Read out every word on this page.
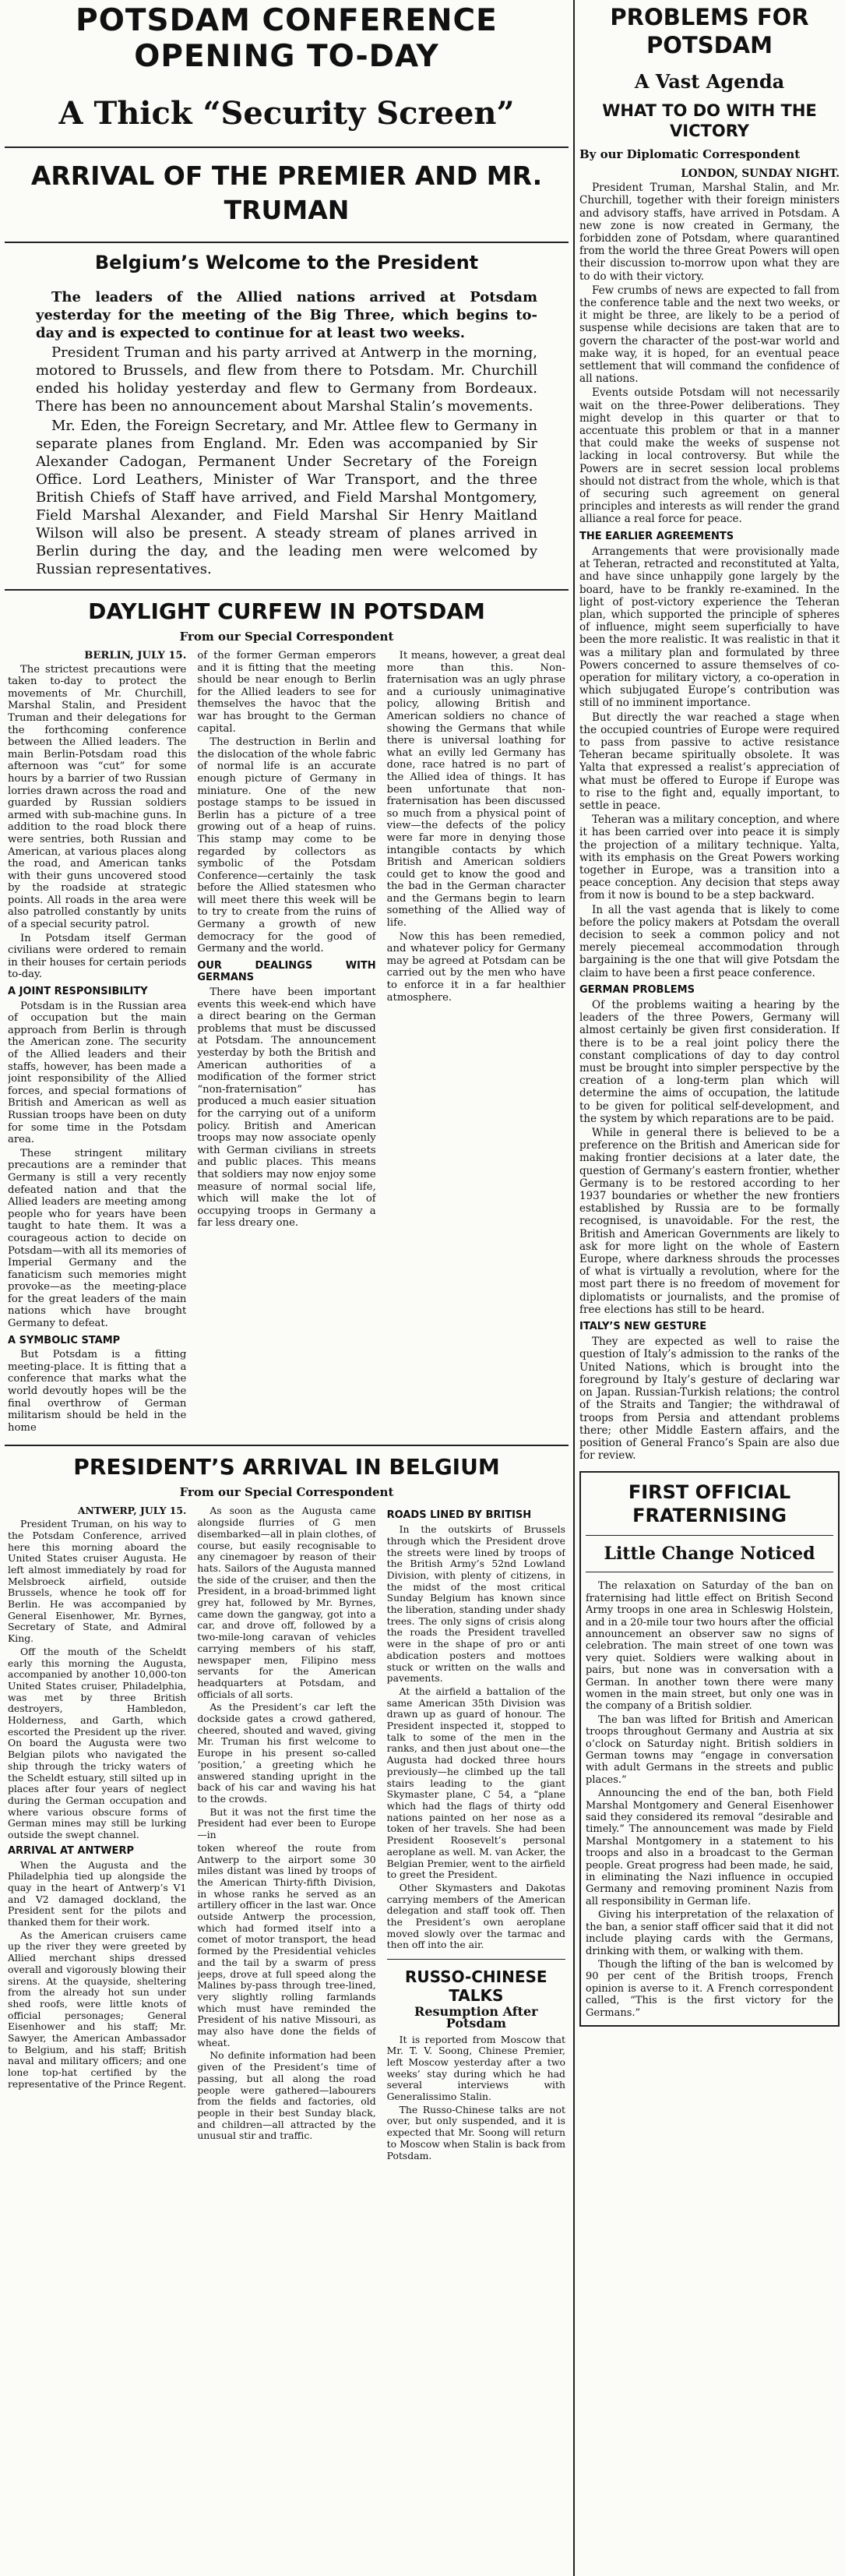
POTSDAM CONFERENCE OPENING TO-DAY
A Thick “Security Screen”
ARRIVAL OF THE PREMIER AND MR. TRUMAN
Belgium’s Welcome to the President

The leaders of the Allied nations arrived at Potsdam yesterday for the meeting of the Big Three, which begins to-day and is expected to continue for at least two weeks.

President Truman and his party arrived at Antwerp in the morning, motored to Brussels, and flew from there to Potsdam. Mr. Churchill ended his holiday yesterday and flew to Germany from Bordeaux. There has been no announcement about Marshal Stalin’s movements.

Mr. Eden, the Foreign Secretary, and Mr. Attlee flew to Germany in separate planes from England. Mr. Eden was accompanied by Sir Alexander Cadogan, Permanent Under Secretary of the Foreign Office. Lord Leathers, Minister of War Transport, and the three British Chiefs of Staff have arrived, and Field Marshal Montgomery, Field Marshal Alexander, and Field Marshal Sir Henry Maitland Wilson will also be present. A steady stream of planes arrived in Berlin during the day, and the leading men were welcomed by Russian representatives.

DAYLIGHT CURFEW IN POTSDAM
From our Special Correspondent

BERLIN, JULY 15.

The strictest precautions were taken to-day to protect the movements of Mr. Churchill, Marshal Stalin, and President Truman and their delegations for the forthcoming conference between the Allied leaders. The main Berlin-Potsdam road this afternoon was “cut” for some hours by a barrier of two Russian lorries drawn across the road and guarded by Russian soldiers armed with sub-machine guns. In addition to the road block there were sentries, both Russian and American, at various places along the road, and American tanks with their guns uncovered stood by the roadside at strategic points. All roads in the area were also patrolled constantly by units of a special security patrol.

In Potsdam itself German civilians were ordered to remain in their houses for certain periods to-day.

A JOINT RESPONSIBILITY

Potsdam is in the Russian area of occupation but the main approach from Berlin is through the American zone. The security of the Allied leaders and their staffs, however, has been made a joint responsibility of the Allied forces, and special formations of British and American as well as Russian troops have been on duty for some time in the Potsdam area.

These stringent military precautions are a reminder that Germany is still a very recently defeated nation and that the Allied leaders are meeting among people who for years have been taught to hate them. It was a courageous action to decide on Potsdam—with all its memories of Imperial Germany and the fanaticism such memories might provoke—as the meeting-place for the great leaders of the main nations which have brought Germany to defeat.

A SYMBOLIC STAMP

But Potsdam is a fitting meeting-place. It is fitting that a conference that marks what the world devoutly hopes will be the final overthrow of German militarism should be held in the home

of the former German emperors and it is fitting that the meeting should be near enough to Berlin for the Allied leaders to see for themselves the havoc that the war has brought to the German capital.

The destruction in Berlin and the dislocation of the whole fabric of normal life is an accurate enough picture of Germany in miniature. One of the new postage stamps to be issued in Berlin has a picture of a tree growing out of a heap of ruins. This stamp may come to be regarded by collectors as symbolic of the Potsdam Conference—certainly the task before the Allied statesmen who will meet there this week will be to try to create from the ruins of Germany a growth of new democracy for the good of Germany and the world.

OUR DEALINGS WITH GERMANS

There have been important events this week-end which have a direct bearing on the German problems that must be discussed at Potsdam. The announcement yesterday by both the British and American authorities of a modification of the former strict “non-fraternisation” has produced a much easier situation for the carrying out of a uniform policy. British and American troops may now associate openly with German civilians in streets and public places. This means that soldiers may now enjoy some measure of normal social life, which will make the lot of occupying troops in Germany a far less dreary one.

It means, however, a great deal more than this. Non-fraternisation was an ugly phrase and a curiously unimaginative policy, allowing British and American soldiers no chance of showing the Germans that while there is universal loathing for what an evilly led Germany has done, race hatred is no part of the Allied idea of things. It has been unfortunate that non-fraternisation has been discussed so much from a physical point of view—the defects of the policy were far more in denying those intangible contacts by which British and American soldiers could get to know the good and the bad in the German character and the Germans begin to learn something of the Allied way of life.

Now this has been remedied, and whatever policy for Germany may be agreed at Potsdam can be carried out by the men who have to enforce it in a far healthier atmosphere.

PRESIDENT’S ARRIVAL IN BELGIUM
From our Special Correspondent

ANTWERP, JULY 15.

President Truman, on his way to the Potsdam Conference, arrived here this morning aboard the United States cruiser Augusta. He left almost immediately by road for Melsbroeck airfield, outside Brussels, whence he took off for Berlin. He was accompanied by General Eisenhower, Mr. Byrnes, Secretary of State, and Admiral King.

Off the mouth of the Scheldt early this morning the Augusta, accompanied by another 10,000-ton United States cruiser, Philadelphia, was met by three British destroyers, Hambledon, Holderness, and Garth, which escorted the President up the river. On board the Augusta were two Belgian pilots who navigated the ship through the tricky waters of the Scheldt estuary, still silted up in places after four years of neglect during the German occupation and where various obscure forms of German mines may still be lurking outside the swept channel.

ARRIVAL AT ANTWERP

When the Augusta and the Philadelphia tied up alongside the quay in the heart of Antwerp’s V1 and V2 damaged dockland, the President sent for the pilots and thanked them for their work.

As the American cruisers came up the river they were greeted by Allied merchant ships dressed overall and vigorously blowing their sirens. At the quayside, sheltering from the already hot sun under shed roofs, were little knots of official personages; General Eisenhower and his staff; Mr. Sawyer, the American Ambassador to Belgium, and his staff; British naval and military officers; and one lone top-hat certified by the representative of the Prince Regent.

As soon as the Augusta came alongside flurries of G men disembarked—all in plain clothes, of course, but easily recognisable to any cinemagoer by reason of their hats. Sailors of the Augusta manned the side of the cruiser, and then the President, in a broad-brimmed light grey hat, followed by Mr. Byrnes, came down the gangway, got into a car, and drove off, followed by a two-mile-long caravan of vehicles carrying members of his staff, newspaper men, Filipino mess servants for the American headquarters at Potsdam, and officials of all sorts.

As the President’s car left the dockside gates a crowd gathered, cheered, shouted and waved, giving Mr. Truman his first welcome to Europe in his present so-called ‘position,’ a greeting which he answered standing upright in the back of his car and waving his hat to the crowds.

But it was not the first time the President had ever been to Europe—in

token whereof the route from Antwerp to the airport some 30 miles distant was lined by troops of the American Thirty-fifth Division, in whose ranks he served as an artillery officer in the last war. Once outside Antwerp the procession, which had formed itself into a comet of motor transport, the head formed by the Presidential vehicles and the tail by a swarm of press jeeps, drove at full speed along the Malines by-pass through tree-lined, very slightly rolling farmlands which must have reminded the President of his native Missouri, as may also have done the fields of wheat.

No definite information had been given of the President’s time of passing, but all along the road people were gathered—labourers from the fields and factories, old people in their best Sunday black, and children—all attracted by the unusual stir and traffic.

ROADS LINED BY BRITISH

In the outskirts of Brussels through which the President drove the streets were lined by troops of the British Army’s 52nd Lowland Division, with plenty of citizens, in the midst of the most critical Sunday Belgium has known since the liberation, standing under shady trees. The only signs of crisis along the roads the President travelled were in the shape of pro or anti abdication posters and mottoes stuck or written on the walls and pavements.

At the airfield a battalion of the same American 35th Division was drawn up as guard of honour. The President inspected it, stopped to talk to some of the men in the ranks, and then just about one—the Augusta had docked three hours previously—he climbed up the tall stairs leading to the giant Skymaster plane, C 54, a “plane which had the flags of thirty odd nations painted on her nose as a token of her travels. She had been President Roosevelt’s personal aeroplane as well. M. van Acker, the Belgian Premier, went to the airfield to greet the President.

Other Skymasters and Dakotas carrying members of the American delegation and staff took off. Then the President’s own aeroplane moved slowly over the tarmac and then off into the air.

RUSSO-CHINESE TALKS
Resumption After Potsdam

It is reported from Moscow that Mr. T. V. Soong, Chinese Premier, left Moscow yesterday after a two weeks’ stay during which he had several interviews with Generalissimo Stalin.

The Russo-Chinese talks are not over, but only suspended, and it is expected that Mr. Soong will return to Moscow when Stalin is back from Potsdam.

PROBLEMS FOR POTSDAM
A Vast Agenda
WHAT TO DO WITH THE VICTORY
By our Diplomatic Correspondent

LONDON, SUNDAY NIGHT.

President Truman, Marshal Stalin, and Mr. Churchill, together with their foreign ministers and advisory staffs, have arrived in Potsdam. A new zone is now created in Germany, the forbidden zone of Potsdam, where quarantined from the world the three Great Powers will open their discussion to-morrow upon what they are to do with their victory.

Few crumbs of news are expected to fall from the conference table and the next two weeks, or it might be three, are likely to be a period of suspense while decisions are taken that are to govern the character of the post-war world and make way, it is hoped, for an eventual peace settlement that will command the confidence of all nations.

Events outside Potsdam will not necessarily wait on the three-Power deliberations. They might develop in this quarter or that to accentuate this problem or that in a manner that could make the weeks of suspense not lacking in local controversy. But while the Powers are in secret session local problems should not distract from the whole, which is that of securing such agreement on general principles and interests as will render the grand alliance a real force for peace.

THE EARLIER AGREEMENTS

Arrangements that were provisionally made at Teheran, retracted and reconstituted at Yalta, and have since unhappily gone largely by the board, have to be frankly re-examined. In the light of post-victory experience the Teheran plan, which supported the principle of spheres of influence, might seem superficially to have been the more realistic. It was realistic in that it was a military plan and formulated by three Powers concerned to assure themselves of co-operation for military victory, a co-operation in which subjugated Europe’s contribution was still of no imminent importance.

But directly the war reached a stage when the occupied countries of Europe were required to pass from passive to active resistance Teheran became spiritually obsolete. It was Yalta that expressed a realist’s appreciation of what must be offered to Europe if Europe was to rise to the fight and, equally important, to settle in peace.

Teheran was a military conception, and where it has been carried over into peace it is simply the projection of a military technique. Yalta, with its emphasis on the Great Powers working together in Europe, was a transition into a peace conception. Any decision that steps away from it now is bound to be a step backward.

In all the vast agenda that is likely to come before the policy makers at Potsdam the overall decision to seek a common policy and not merely piecemeal accommodation through bargaining is the one that will give Potsdam the claim to have been a first peace conference.

GERMAN PROBLEMS

Of the problems waiting a hearing by the leaders of the three Powers, Germany will almost certainly be given first consideration. If there is to be a real joint policy there the constant complications of day to day control must be brought into simpler perspective by the creation of a long-term plan which will determine the aims of occupation, the latitude to be given for political self-development, and the system by which reparations are to be paid.

While in general there is believed to be a preference on the British and American side for making frontier decisions at a later date, the question of Germany’s eastern frontier, whether Germany is to be restored according to her 1937 boundaries or whether the new frontiers established by Russia are to be formally recognised, is unavoidable. For the rest, the British and American Governments are likely to ask for more light on the whole of Eastern Europe, where darkness shrouds the processes of what is virtually a revolution, where for the most part there is no freedom of movement for diplomatists or journalists, and the promise of free elections has still to be heard.

ITALY’S NEW GESTURE

They are expected as well to raise the question of Italy’s admission to the ranks of the United Nations, which is brought into the foreground by Italy’s gesture of declaring war on Japan. Russian-Turkish relations; the control of the Straits and Tangier; the withdrawal of troops from Persia and attendant problems there; other Middle Eastern affairs, and the position of General Franco’s Spain are also due for review.

FIRST OFFICIAL FRATERNISING
Little Change Noticed

The relaxation on Saturday of the ban on fraternising had little effect on British Second Army troops in one area in Schleswig Holstein, and in a 20-mile tour two hours after the official announcement an observer saw no signs of celebration. The main street of one town was very quiet. Soldiers were walking about in pairs, but none was in conversation with a German. In another town there were many women in the main street, but only one was in the company of a British soldier.

The ban was lifted for British and American troops throughout Germany and Austria at six o’clock on Saturday night. British soldiers in German towns may “engage in conversation with adult Germans in the streets and public places.”

Announcing the end of the ban, both Field Marshal Montgomery and General Eisenhower said they considered its removal “desirable and timely.” The announcement was made by Field Marshal Montgomery in a statement to his troops and also in a broadcast to the German people. Great progress had been made, he said, in eliminating the Nazi influence in occupied Germany and removing prominent Nazis from all responsibility in German life.

Giving his interpretation of the relaxation of the ban, a senior staff officer said that it did not include playing cards with the Germans, drinking with them, or walking with them.

Though the lifting of the ban is welcomed by 90 per cent of the British troops, French opinion is averse to it. A French correspondent called, “This is the first victory for the Germans.”
